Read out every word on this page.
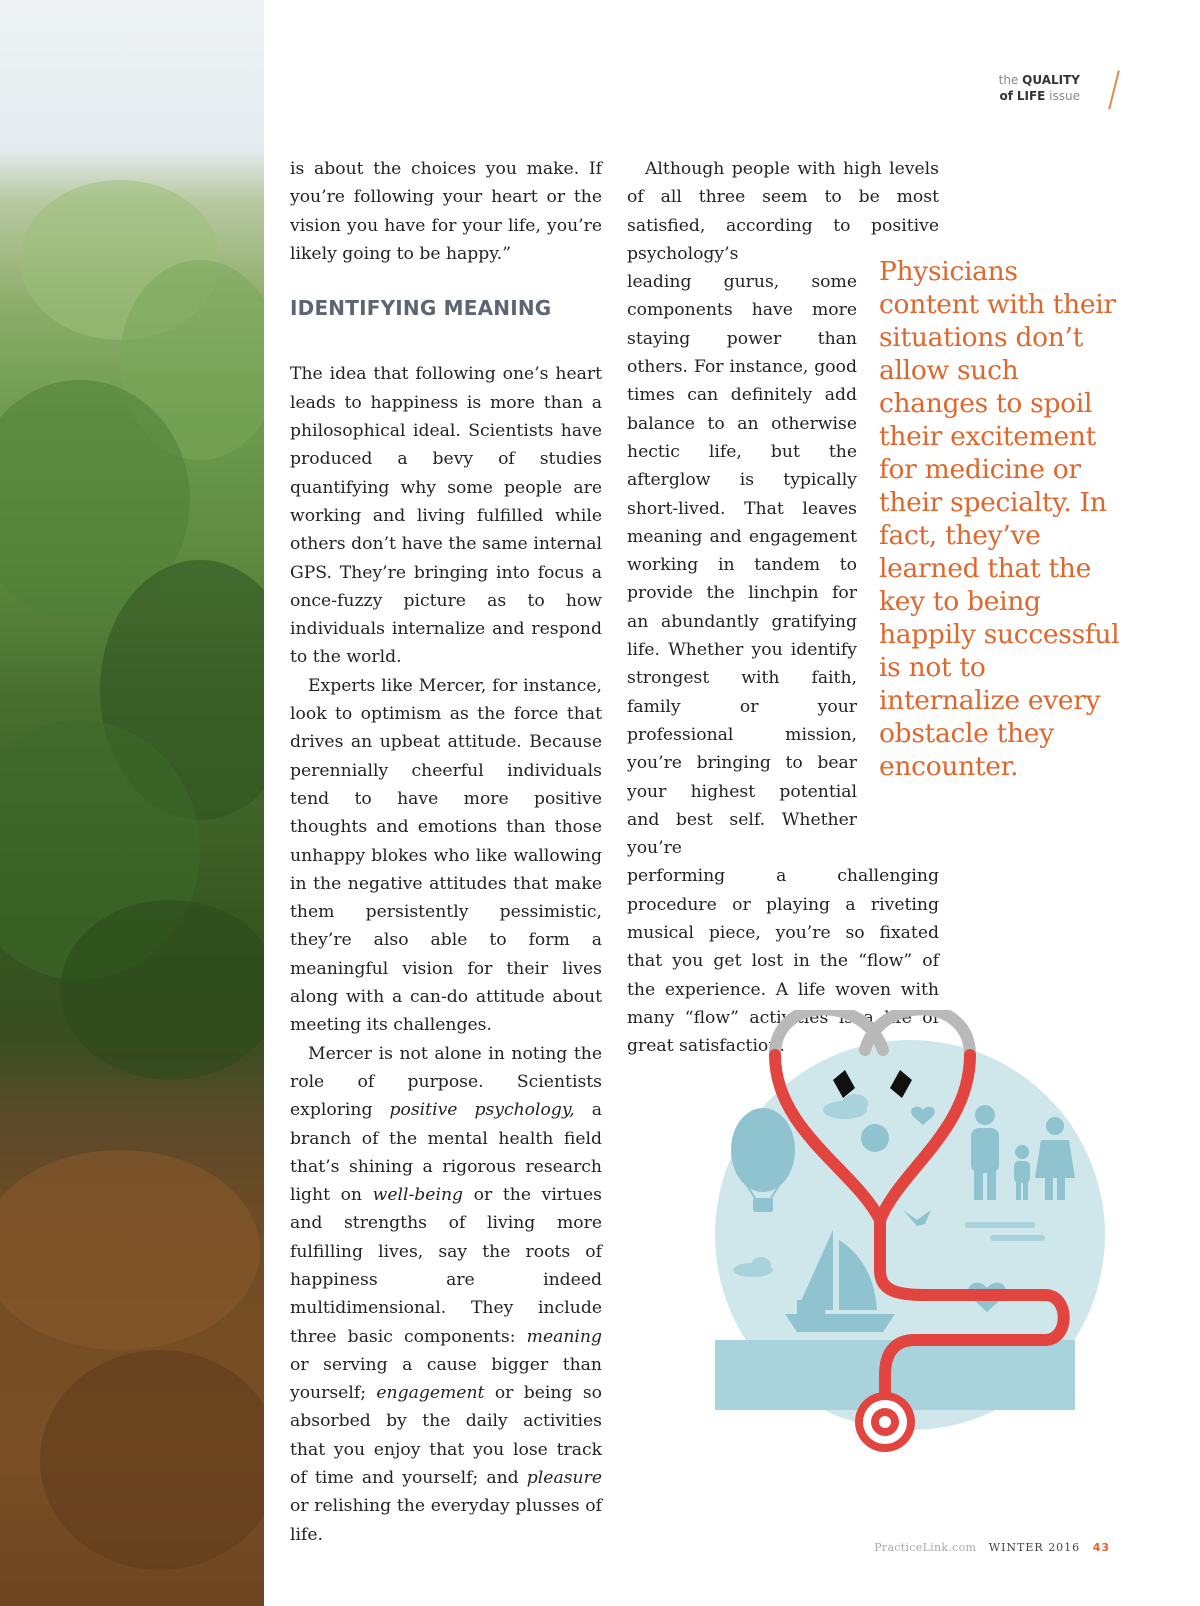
the QUALITY
of LIFE issue

is about the choices you make. If you’re following your heart or the vision you have for your life, you’re likely going to be happy.”

IDENTIFYING MEANING

The idea that following one’s heart leads to happiness is more than a philosophical ideal. Scientists have produced a bevy of studies quantifying why some people are working and living fulfilled while others don’t have the same internal GPS. They’re bringing into focus a once-fuzzy picture as to how individuals internalize and respond to the world.

Experts like Mercer, for instance, look to optimism as the force that drives an upbeat attitude. Because perennially cheerful individuals tend to have more positive thoughts and emotions than those unhappy blokes who like wallowing in the negative attitudes that make them persistently pessimistic, they’re also able to form a meaningful vision for their lives along with a can-do attitude about meeting its challenges.

Mercer is not alone in noting the role of purpose. Scientists exploring positive psychology, a branch of the mental health field that’s shining a rigorous research light on well-being or the virtues and strengths of living more fulfilling lives, say the roots of happiness are indeed multidimensional. They include three basic components: meaning or serving a cause bigger than yourself; engagement or being so absorbed by the daily activities that you enjoy that you lose track of time and yourself; and pleasure or relishing the everyday plusses of life.

Although people with high levels of all three seem to be most satisfied, according to positive psychology’s

leading gurus, some components have more staying power than others. For instance, good times can definitely add balance to an otherwise hectic life, but the afterglow is typically short-lived. That leaves meaning and engagement working in tandem to provide the linchpin for an abundantly gratifying life. Whether you identify strongest with faith, family or your professional mission, you’re bringing to bear your highest potential and best self. Whether you’re

performing a challenging procedure or playing a riveting musical piece, you’re so fixated that you get lost in the “flow” of the experience. A life woven with many “flow” activities is a life of great satisfaction.

Physicians content with their situations don’t allow such changes to spoil their excitement for medicine or their specialty. In fact, they’ve learned that the key to being happily successful is not to internalize every obstacle they encounter.
PracticeLink.com WINTER 2016 43
